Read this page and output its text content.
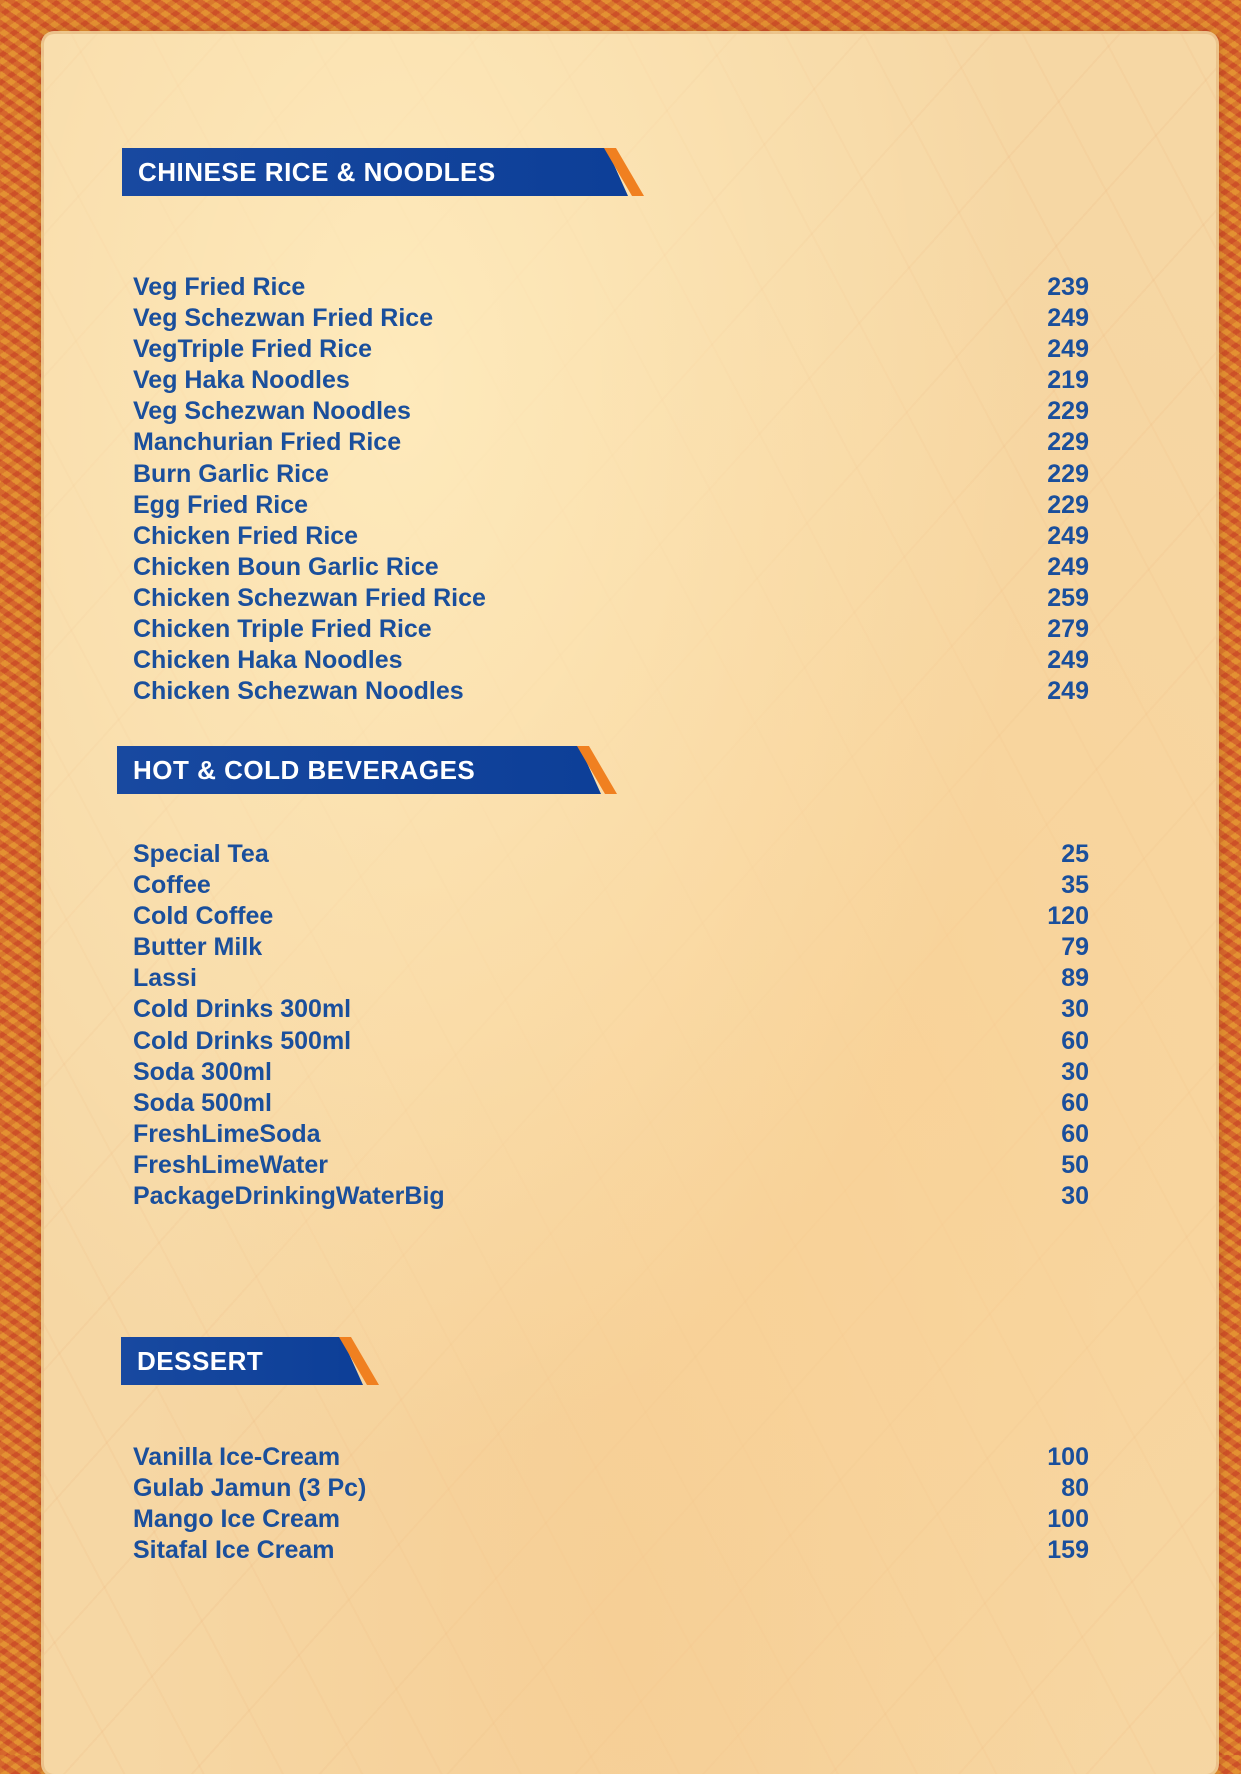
CHINESE RICE & NOODLES
Veg Fried Rice	239
Veg Schezwan Fried Rice	249
VegTriple Fried Rice	249
Veg Haka Noodles	219
Veg Schezwan Noodles	229
Manchurian Fried Rice	229
Burn Garlic Rice	229
Egg Fried Rice	229
Chicken Fried Rice	249
Chicken Boun Garlic Rice	249
Chicken Schezwan Fried Rice	259
Chicken Triple Fried Rice	279
Chicken Haka Noodles	249
Chicken Schezwan Noodles	249
HOT & COLD BEVERAGES
Special Tea	25
Coffee	35
Cold Coffee	120
Butter Milk	79
Lassi	89
Cold Drinks 300ml	30
Cold Drinks 500ml	60
Soda 300ml	30
Soda 500ml	60
FreshLimeSoda	60
FreshLimeWater	50
PackageDrinkingWaterBig	30
DESSERT
Vanilla Ice-Cream	100
Gulab Jamun (3 Pc)	80
Mango Ice Cream	100
Sitafal Ice Cream	159
